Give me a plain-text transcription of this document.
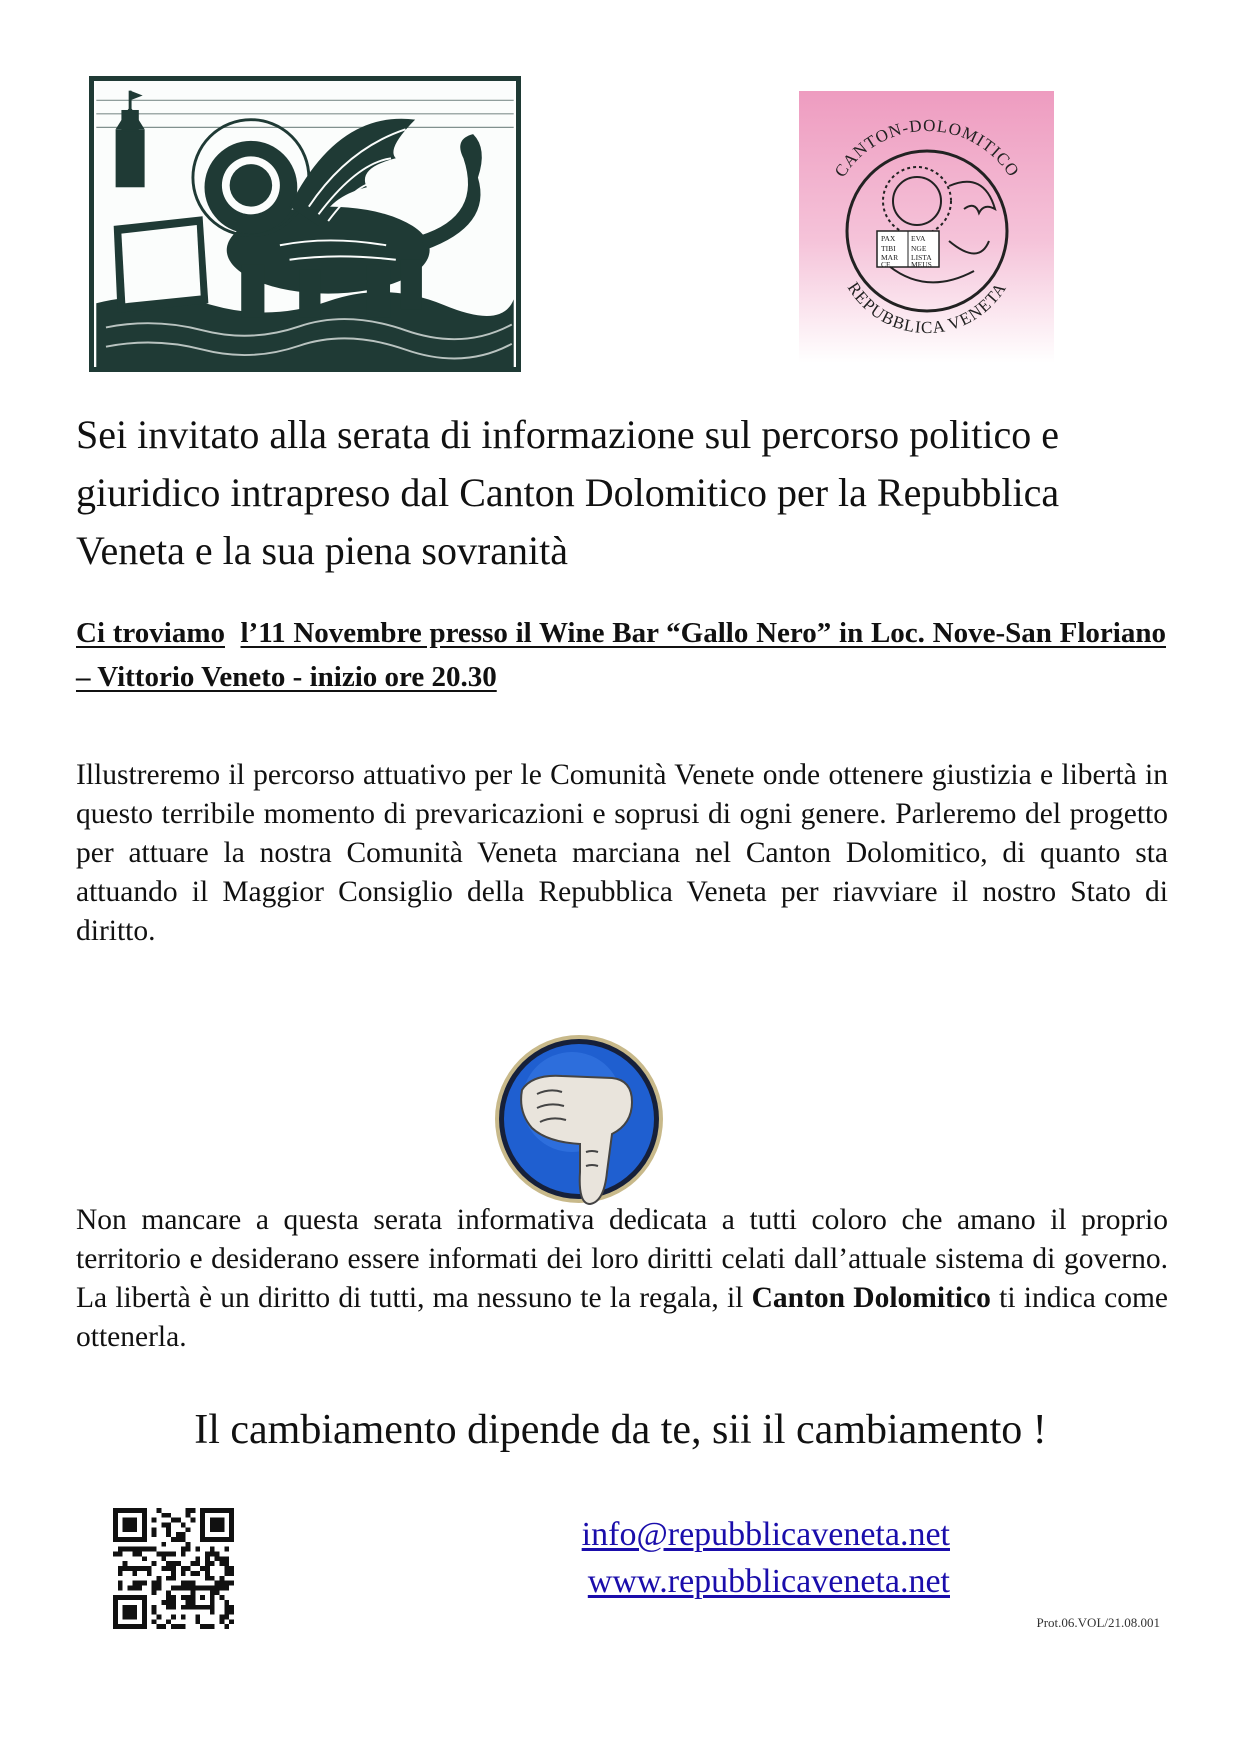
CANTON-DOLOMITICO
REPUBBLICA VENETA
PAX EVA
TIBI NGE
MAR LISTA
CE	MEUS

Sei invitato alla serata di informazione sul percorso politico e giuridico intrapreso dal Canton Dolomitico per la Repubblica Veneta e la sua piena sovranità

Ci troviamo l’11 Novembre presso il Wine Bar “Gallo Nero” in Loc. Nove-San Floriano – Vittorio Veneto - inizio ore 20.30

Illustreremo il percorso attuativo per le Comunità Venete onde ottenere giustizia e libertà in questo terribile momento di prevaricazioni e soprusi di ogni genere. Parleremo del progetto per attuare la nostra Comunità Veneta marciana nel Canton Dolomitico, di quanto sta attuando il Maggior Consiglio della Repubblica Veneta per riavviare il nostro Stato di diritto.

Non mancare a questa serata informativa dedicata a tutti coloro che amano il proprio territorio e desiderano essere informati dei loro diritti celati dall’attuale sistema di governo. La libertà è un diritto di tutti, ma nessuno te la regala, il Canton Dolomitico ti indica come ottenerla.

Il cambiamento dipende da te, sii il cambiamento !

info@repubblicaveneta.net
www.repubblicaveneta.net
Prot.06.VOL/21.08.001
